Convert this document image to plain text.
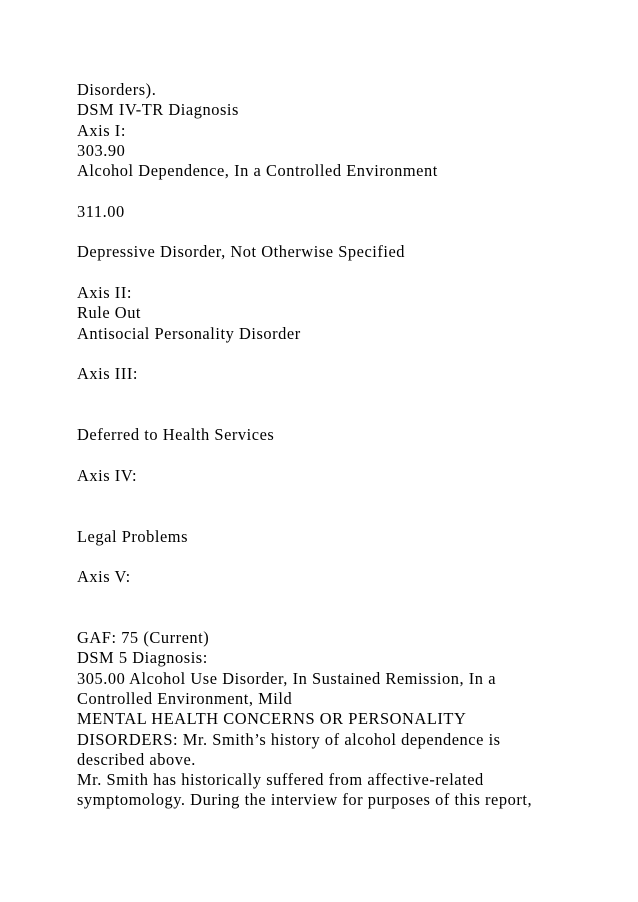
Disorders).
DSM IV-TR Diagnosis
Axis I:
303.90
Alcohol Dependence, In a Controlled Environment
311.00
Depressive Disorder, Not Otherwise Specified
Axis II:
Rule Out
Antisocial Personality Disorder
Axis III:
Deferred to Health Services
Axis IV:
Legal Problems
Axis V:
GAF: 75 (Current)
DSM 5 Diagnosis:
305.00 Alcohol Use Disorder, In Sustained Remission, In a
Controlled Environment, Mild
MENTAL HEALTH CONCERNS OR PERSONALITY
DISORDERS: Mr. Smith’s history of alcohol dependence is
described above.
Mr. Smith has historically suffered from affective-related
symptomology. During the interview for purposes of this report,
